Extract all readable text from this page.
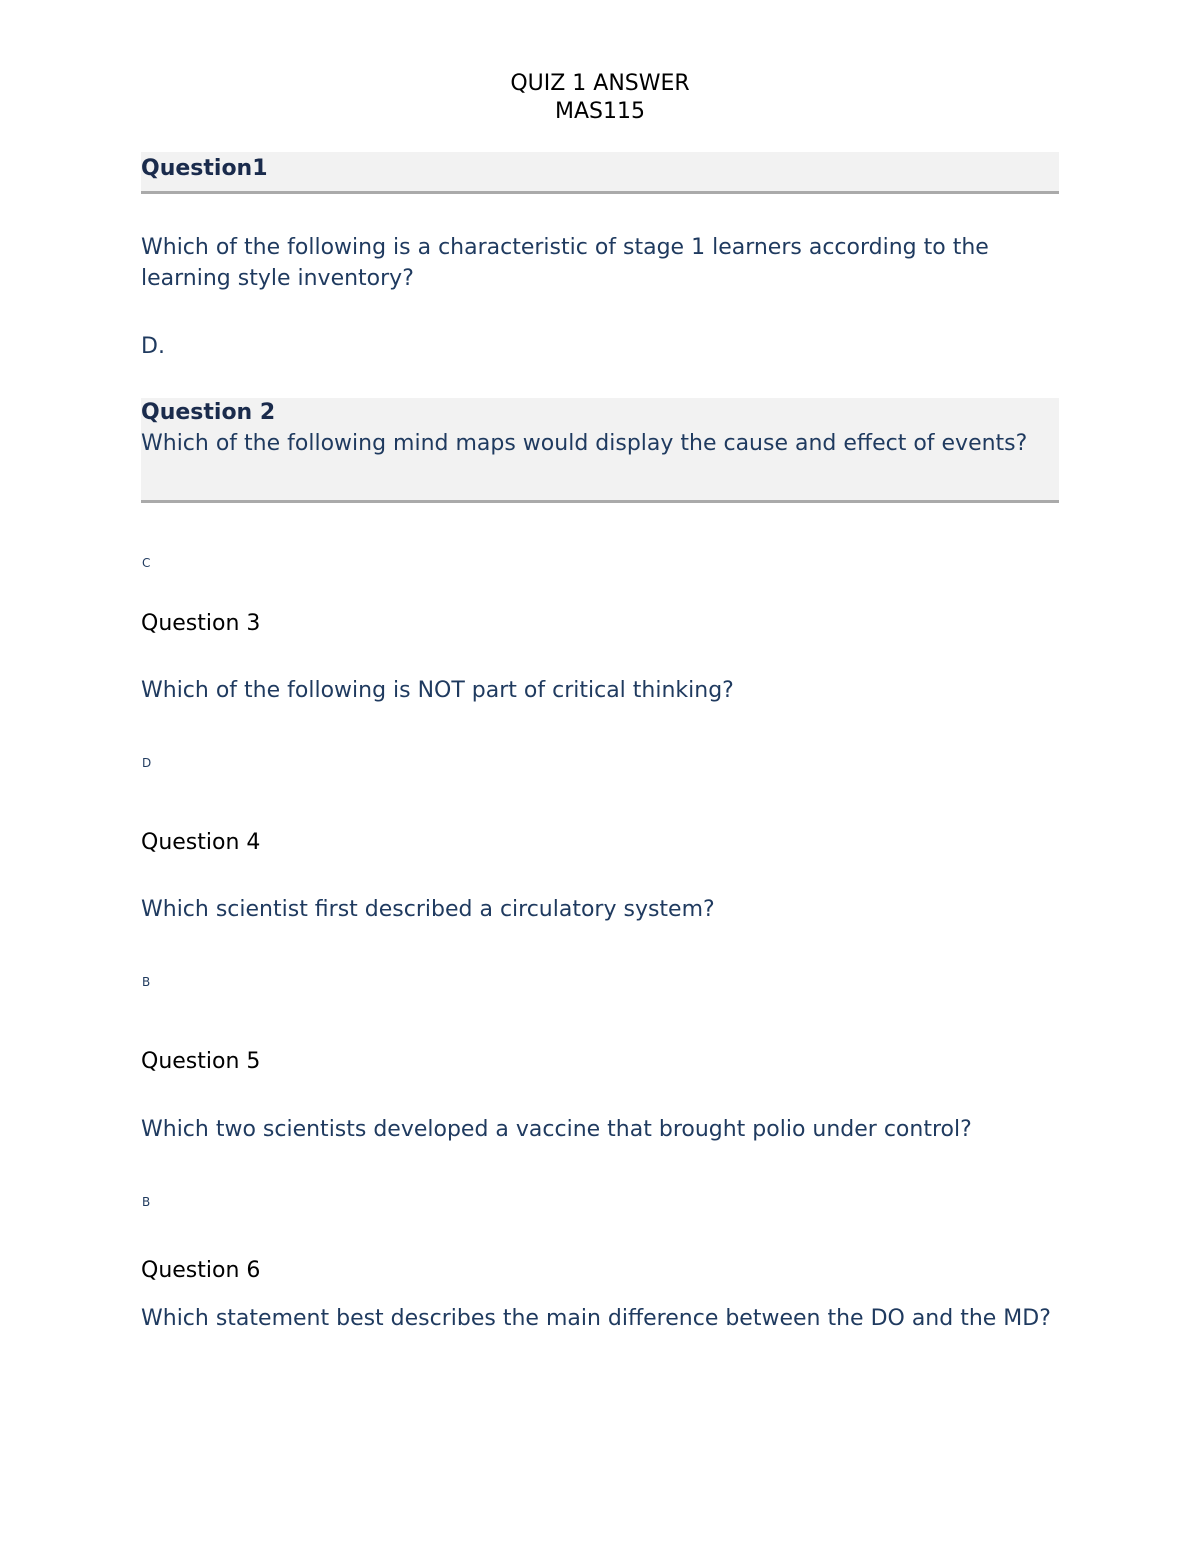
QUIZ 1 ANSWER
MAS115

Question1

Which of the following is a characteristic of stage 1 learners according to the learning style inventory?

D.

Question 2

Which of the following mind maps would display the cause and effect of events?

C

Question 3

Which of the following is NOT part of critical thinking?

D

Question 4

Which scientist first described a circulatory system?

B

Question 5

Which two scientists developed a vaccine that brought polio under control?

B

Question 6

Which statement best describes the main difference between the DO and the MD?
